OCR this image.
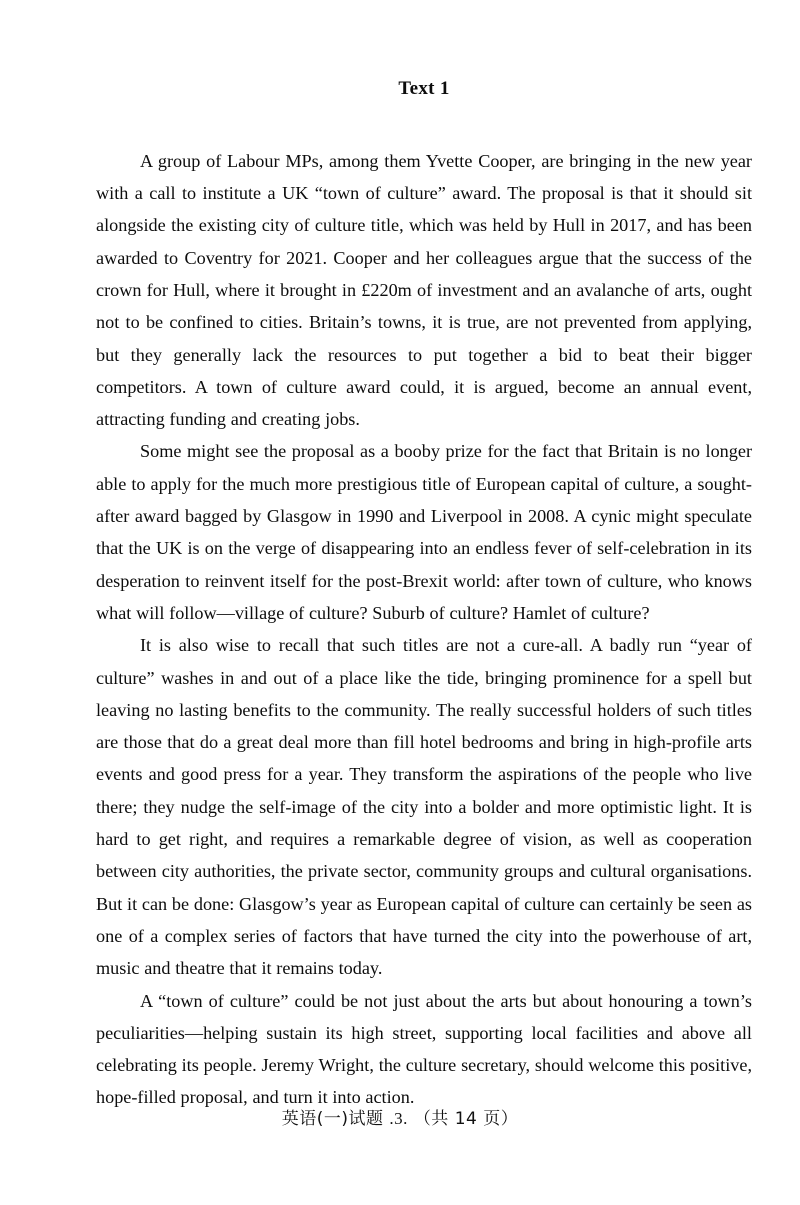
Text 1

A group of Labour MPs, among them Yvette Cooper, are bringing in the new year with a call to institute a UK “town of culture” award. The proposal is that it should sit alongside the existing city of culture title, which was held by Hull in 2017, and has been awarded to Coventry for 2021. Cooper and her colleagues argue that the success of the crown for Hull, where it brought in £220m of investment and an avalanche of arts, ought not to be confined to cities. Britain’s towns, it is true, are not prevented from applying, but they generally lack the resources to put together a bid to beat their bigger competitors. A town of culture award could, it is argued, become an annual event, attracting funding and creating jobs.

Some might see the proposal as a booby prize for the fact that Britain is no longer able to apply for the much more prestigious title of European capital of culture, a sought-after award bagged by Glasgow in 1990 and Liverpool in 2008. A cynic might speculate that the UK is on the verge of disappearing into an endless fever of self-celebration in its desperation to reinvent itself for the post-Brexit world: after town of culture, who knows what will follow—village of culture? Suburb of culture? Hamlet of culture?

It is also wise to recall that such titles are not a cure-all. A badly run “year of culture” washes in and out of a place like the tide, bringing prominence for a spell but leaving no lasting benefits to the community. The really successful holders of such titles are those that do a great deal more than fill hotel bedrooms and bring in high-profile arts events and good press for a year. They transform the aspirations of the people who live there; they nudge the self-image of the city into a bolder and more optimistic light. It is hard to get right, and requires a remarkable degree of vision, as well as cooperation between city authorities, the private sector, community groups and cultural organisations. But it can be done: Glasgow’s year as European capital of culture can certainly be seen as one of a complex series of factors that have turned the city into the powerhouse of art, music and theatre that it remains today.

A “town of culture” could be not just about the arts but about honouring a town’s peculiarities—helping sustain its high street, supporting local facilities and above all celebrating its people. Jeremy Wright, the culture secretary, should welcome this positive, hope-filled proposal, and turn it into action.

英语(一)试题 .3. （共 14 页）
